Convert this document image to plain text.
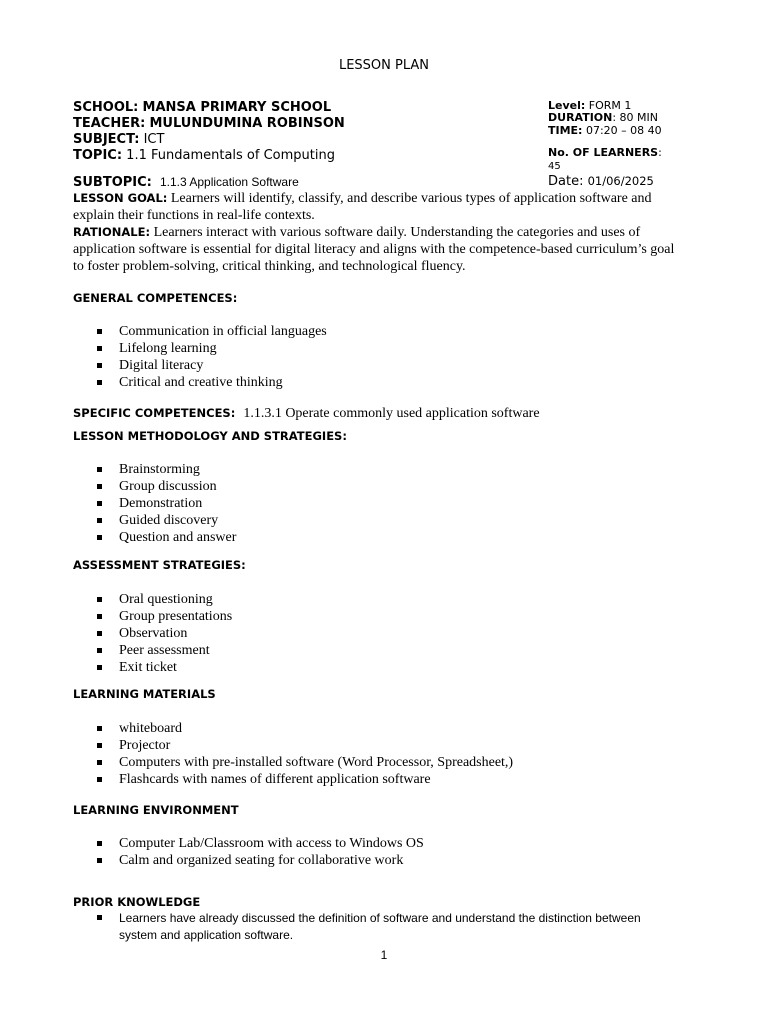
LESSON PLAN
SCHOOL: MANSA PRIMARY SCHOOL
TEACHER: MULUNDUMINA ROBINSON
SUBJECT: ICT
TOPIC: 1.1 Fundamentals of Computing
SUBTOPIC: 1.1.3 Application Software
Level: FORM 1
DURATION: 80 MIN
TIME: 07:20 – 08 40
No. OF LEARNERS:
45
Date: 01/06/2025
LESSON GOAL: Learners will identify, classify, and describe various types of application software and explain their functions in real-life contexts.
RATIONALE: Learners interact with various software daily. Understanding the categories and uses of application software is essential for digital literacy and aligns with the competence-based curriculum’s goal to foster problem-solving, critical thinking, and technological fluency.
GENERAL COMPETENCES:
Communication in official languages
Lifelong learning
Digital literacy
Critical and creative thinking
SPECIFIC COMPETENCES: 1.1.3.1 Operate commonly used application software
LESSON METHODOLOGY AND STRATEGIES:
Brainstorming
Group discussion
Demonstration
Guided discovery
Question and answer
ASSESSMENT STRATEGIES:
Oral questioning
Group presentations
Observation
Peer assessment
Exit ticket
LEARNING MATERIALS
whiteboard
Projector
Computers with pre-installed software (Word Processor, Spreadsheet,)
Flashcards with names of different application software
LEARNING ENVIRONMENT
Computer Lab/Classroom with access to Windows OS
Calm and organized seating for collaborative work
PRIOR KNOWLEDGE
Learners have already discussed the definition of software and understand the distinction between system and application software.
1
